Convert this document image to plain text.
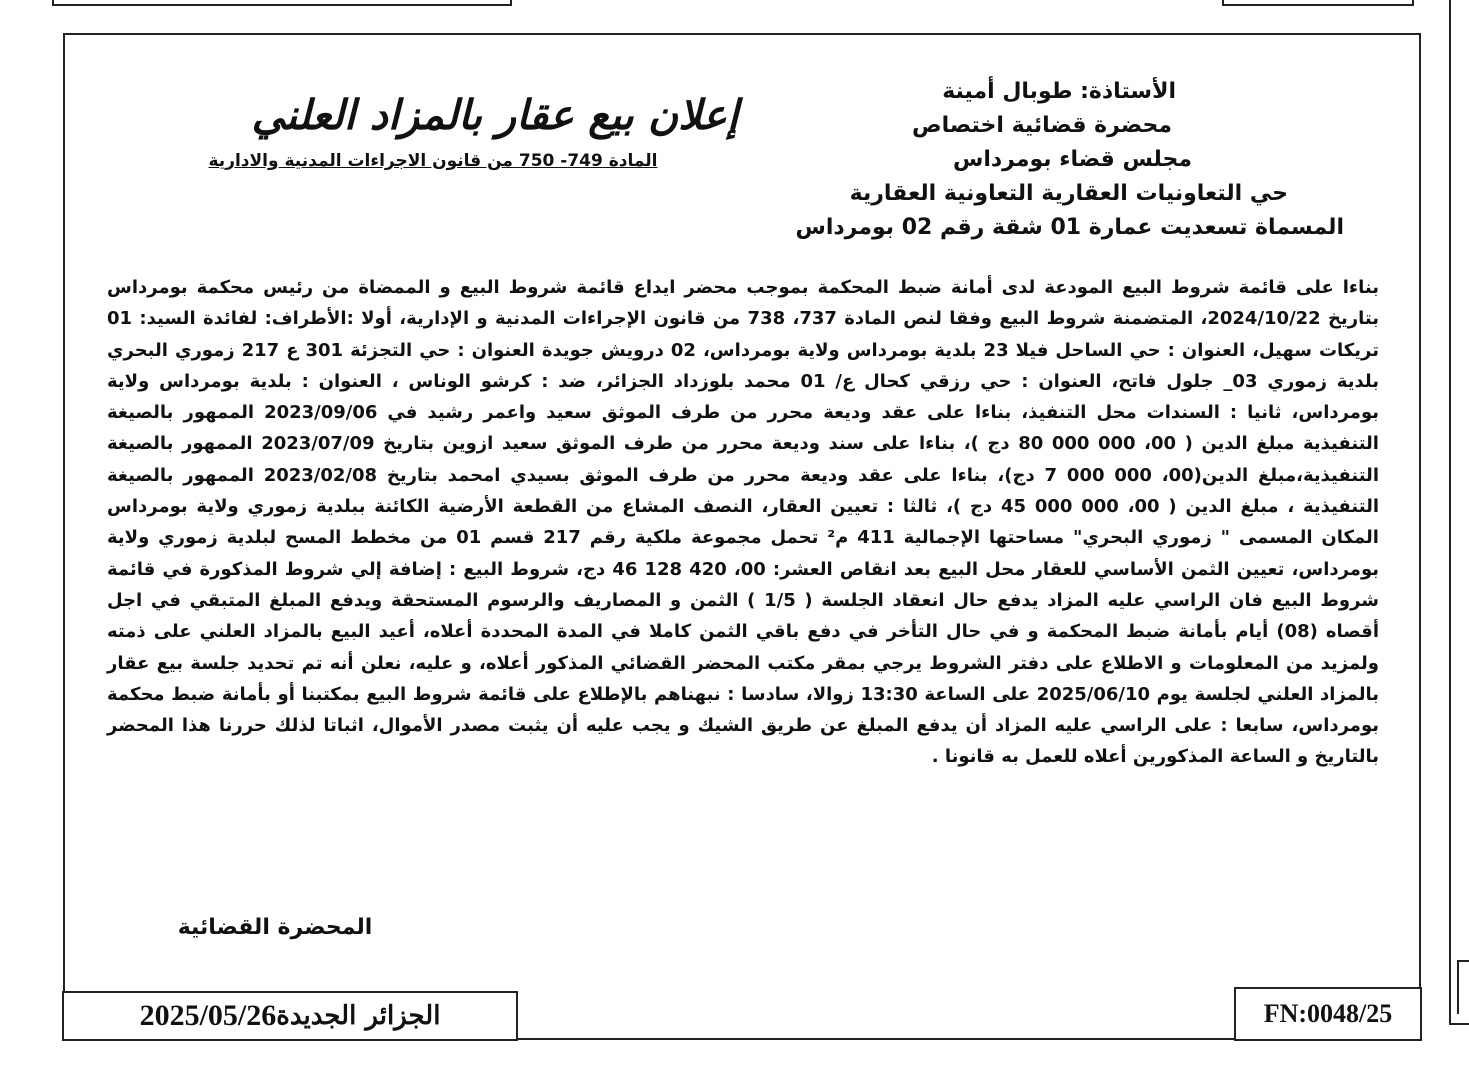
الأستاذة: طوبال أمينة
محضرة قضائية اختصاص
مجلس قضاء بومرداس
حي التعاونيات العقارية التعاونية العقارية
المسماة تسعديت عمارة 01 شقة رقم 02 بومرداس
إعلان بيع عقار بالمزاد العلني
المادة 749- 750 من قانون الاجراءات المدنية والادارية
بناءا على قائمة شروط البيع المودعة لدى أمانة ضبط المحكمة بموجب محضر ايداع قائمة شروط البيع و الممضاة من رئيس محكمة بومرداس بتاريخ 2024/10/22، المتضمنة شروط البيع وفقا لنص المادة 737، 738 من قانون الإجراءات المدنية و الإدارية، أولا :الأطراف: لفائدة السيد: 01 تريكات سهيل، العنوان : حي الساحل فيلا 23 بلدية بومرداس ولاية بومرداس، 02 درويش جويدة العنوان : حي التجزئة 301 ع 217 زموري البحري بلدية زموري 03_ جلول فاتح، العنوان : حي رزقي كحال ع/ 01 محمد بلوزداد الجزائر، ضد : كرشو الوناس ، العنوان : بلدية بومرداس ولاية بومرداس، ثانيا : السندات محل التنفيذ، بناءا على عقد وديعة محرر من طرف الموثق سعيد واعمر رشيد في 2023/09/06 الممهور بالصيغة التنفيذية مبلغ الدين ( 00، 000 000 80 دج )، بناءا على سند وديعة محرر من طرف الموثق سعيد ازوين بتاريخ 2023/07/09 الممهور بالصيغة التنفيذية،مبلغ الدين(00، 000 000 7 دج)، بناءا على عقد وديعة محرر من طرف الموثق بسيدي امحمد بتاريخ 2023/02/08 الممهور بالصيغة التنفيذية ، مبلغ الدين ( 00، 000 000 45 دج )، ثالثا : تعيين العقار، النصف المشاع من القطعة الأرضية الكائنة ببلدية زموري ولاية بومرداس المكان المسمى " زموري البحري" مساحتها الإجمالية 411 م² تحمل مجموعة ملكية رقم 217 قسم 01 من مخطط المسح لبلدية زموري ولاية بومرداس، تعيين الثمن الأساسي للعقار محل البيع بعد انقاص العشر: 00، 420 128 46 دج، شروط البيع : إضافة إلي شروط المذكورة في قائمة شروط البيع فان الراسي عليه المزاد يدفع حال انعقاد الجلسة ( 1/5 ) الثمن و المصاريف والرسوم المستحقة ويدفع المبلغ المتبقي في اجل أقصاه (08) أيام بأمانة ضبط المحكمة و في حال التأخر في دفع باقي الثمن كاملا في المدة المحددة أعلاه، أعيد البيع بالمزاد العلني على ذمته ولمزيد من المعلومات و الاطلاع على دفتر الشروط يرجي بمقر مكتب المحضر القضائي المذكور أعلاه، و عليه، نعلن أنه تم تحديد جلسة بيع عقار بالمزاد العلني لجلسة يوم 2025/06/10 على الساعة 13:30 زوالا، سادسا : نبهناهم بالإطلاع على قائمة شروط البيع بمكتبنا أو بأمانة ضبط محكمة بومرداس، سابعا : على الراسي عليه المزاد أن يدفع المبلغ عن طريق الشيك و يجب عليه أن يثبت مصدر الأموال، اثباتا لذلك حررنا هذا المحضر بالتاريخ و الساعة المذكورين أعلاه للعمل به قانونا .
المحضرة القضائية
الجزائر الجديدة
2025/05/26	FN:0048/25
